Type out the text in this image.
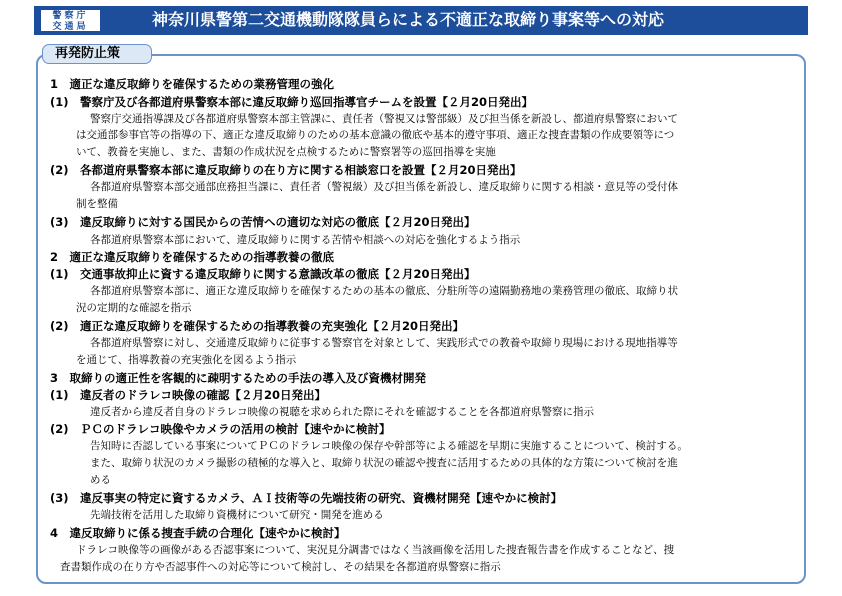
警察庁
交通局	神奈川県警第二交通機動隊隊員らによる不適正な取締り事案等への対応
再発防止策
1　適正な違反取締りを確保するための業務管理の強化
(1)　警察庁及び各都道府県警察本部に違反取締り巡回指導官チームを設置【２月20日発出】
警察庁交通指導課及び各都道府県警察本部主管課に、責任者（警視又は警部級）及び担当係を新設し、都道府県警察において
は交通部参事官等の指導の下、適正な違反取締りのための基本意識の徹底や基本的遵守事項、適正な捜査書類の作成要領等につ
いて、教養を実施し、また、書類の作成状況を点検するために警察署等の巡回指導を実施
(2)　各都道府県警察本部に違反取締りの在り方に関する相談窓口を設置【２月20日発出】
各都道府県警察本部交通部庶務担当課に、責任者（警視級）及び担当係を新設し、違反取締りに関する相談・意見等の受付体
制を整備
(3)　違反取締りに対する国民からの苦情への適切な対応の徹底【２月20日発出】
各都道府県警察本部において、違反取締りに関する苦情や相談への対応を強化するよう指示
2　適正な違反取締りを確保するための指導教養の徹底
(1)　交通事故抑止に資する違反取締りに関する意識改革の徹底【２月20日発出】
各都道府県警察本部に、適正な違反取締りを確保するための基本の徹底、分駐所等の遠隔勤務地の業務管理の徹底、取締り状
況の定期的な確認を指示
(2)　適正な違反取締りを確保するための指導教養の充実強化【２月20日発出】
各都道府県警察に対し、交通違反取締りに従事する警察官を対象として、実践形式での教養や取締り現場における現地指導等
を通じて、指導教養の充実強化を図るよう指示
3　取締りの適正性を客観的に疎明するための手法の導入及び資機材開発
(1)　違反者のドラレコ映像の確認【２月20日発出】
違反者から違反者自身のドラレコ映像の視聴を求められた際にそれを確認することを各都道府県警察に指示
(2)　ＰＣのドラレコ映像やカメラの活用の検討【速やかに検討】
告知時に否認している事案についてＰＣのドラレコ映像の保存や幹部等による確認を早期に実施することについて、検討する。
また、取締り状況のカメラ撮影の積極的な導入と、取締り状況の確認や捜査に活用するための具体的な方策について検討を進
める
(3)　違反事実の特定に資するカメラ、ＡＩ技術等の先端技術の研究、資機材開発【速やかに検討】
先端技術を活用した取締り資機材について研究・開発を進める
4　違反取締りに係る捜査手続の合理化【速やかに検討】
ドラレコ映像等の画像がある否認事案について、実況見分調書ではなく当該画像を活用した捜査報告書を作成することなど、捜
査書類作成の在り方や否認事件への対応等について検討し、その結果を各都道府県警察に指示
